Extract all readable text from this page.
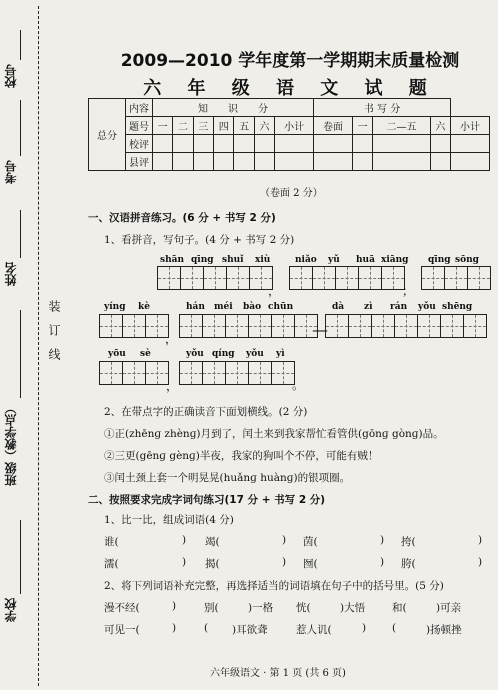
校号
考号
姓名
班级（教学点）
学校
装
订
线
2009—2010 学年度第一学期期末质量检测
六 年 级 语 文 试 题
总分	内容	知　　识　　分							书 写 分				
	题号	一	二	三	四	五	六	小计	卷面	一	二—五	六	小计
	校评												
	县评												
（卷面 2 分）
一、汉语拼音练习。(6 分 + 书写 2 分)
1、看拼音，写句子。(4 分 + 书写 2 分)
shān qīng shuǐ xiù	niǎo yǔ huā xiāng qīng sōng
，	；
yíng kè	hán méi bào chūn	dà zì rán yǒu shēng
，	—
yōu sè	yǒu qíng yǒu yì
，	。
2、在带点字的正确读音下面划横线。(2 分)
①正(zhēnɡ zhènɡ)月到了，闰土来到我家帮忙看管供(gōnɡ gònɡ)品。
②三更(gēnɡ gènɡ)半夜，我家的狗叫个不停，可能有贼！
③闰土颈上套一个明晃晃(huǎnɡ huànɡ)的银项圈。
二、按照要求完成字词句练习(17 分 + 书写 2 分)
1、比一比，组成词语(4 分)
谁(	) 竭(	) 茵(	) 挎(	)
濡(	) 揭(	) 囫(	) 胯(	)
2、将下列词语补充完整，再选择适当的词语填在句子中的括号里。(5 分)
漫不经(	)	别(	)一格 恍(	)大悟	和(	)可亲
可见一(	)	( )耳欲聋	惹人讥(	) (	)扬顿挫
六年级语文 · 第 1 页 (共 6 页)
